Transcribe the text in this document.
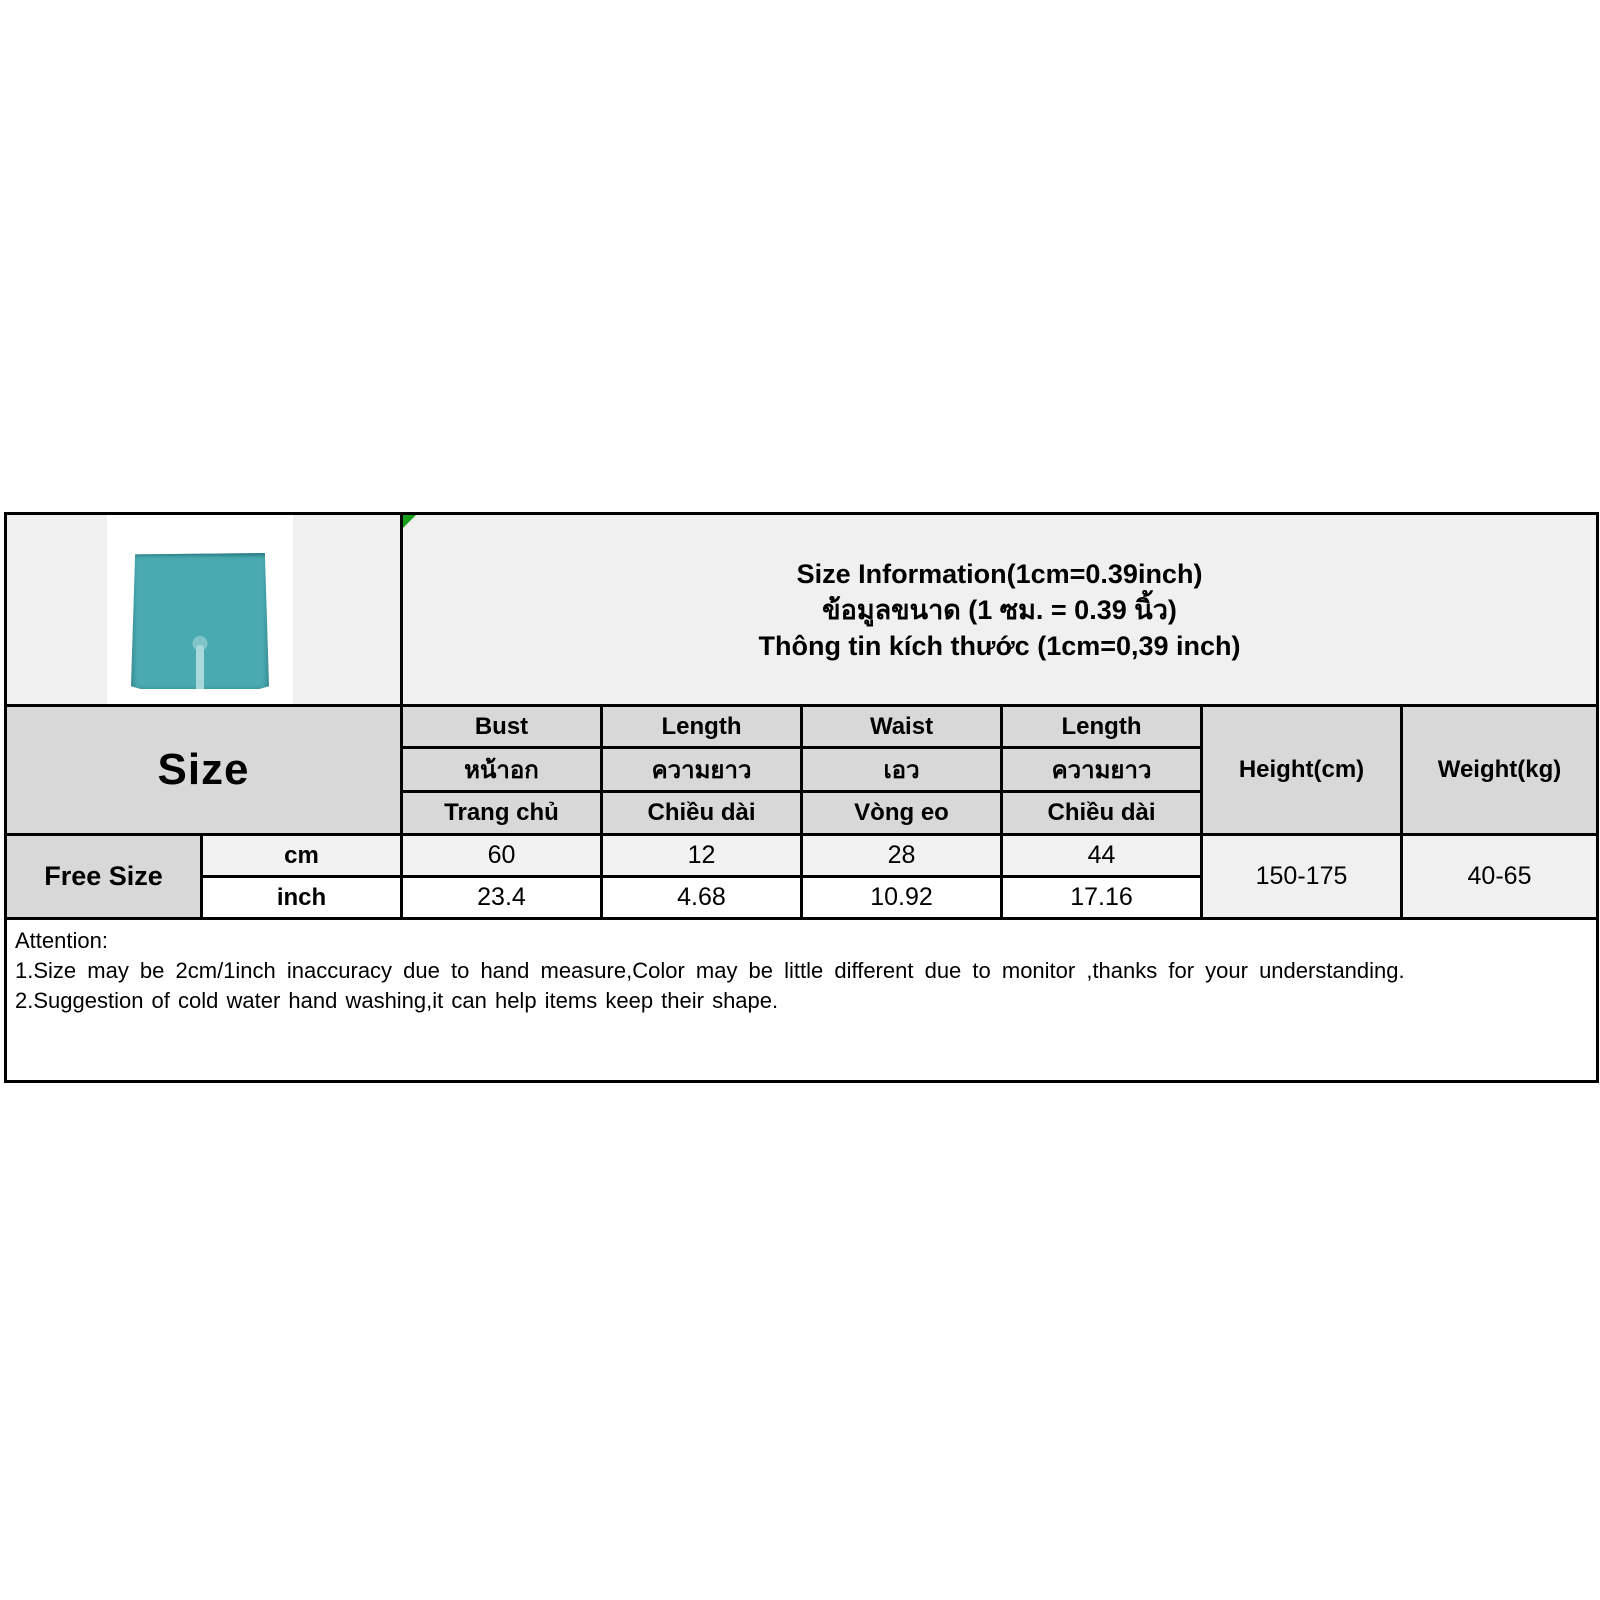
		Size Information(1cm=0.39inch)
ข้อมูลขนาด (1 ซม. = 0.39 นิ้ว)
Thông tin kích thước (1cm=0,39 inch)					

Size		Bust	Length	Waist	Length	Height(cm)	Weight(kg)
		หน้าอก	ความยาว	เอว	ความยาว		
		Trang chủ	Chiều dài	Vòng eo	Chiều dài		
Free Size	cm	60	12	28	44	150-175	40-65
	inch	23.4	4.68	10.92	17.16		

Attention:
1.Size may be 2cm/1inch inaccuracy due to hand measure,Color may be little different due to monitor ,thanks for your understanding.
2.Suggestion of cold water hand washing,it can help items keep their shape.							
